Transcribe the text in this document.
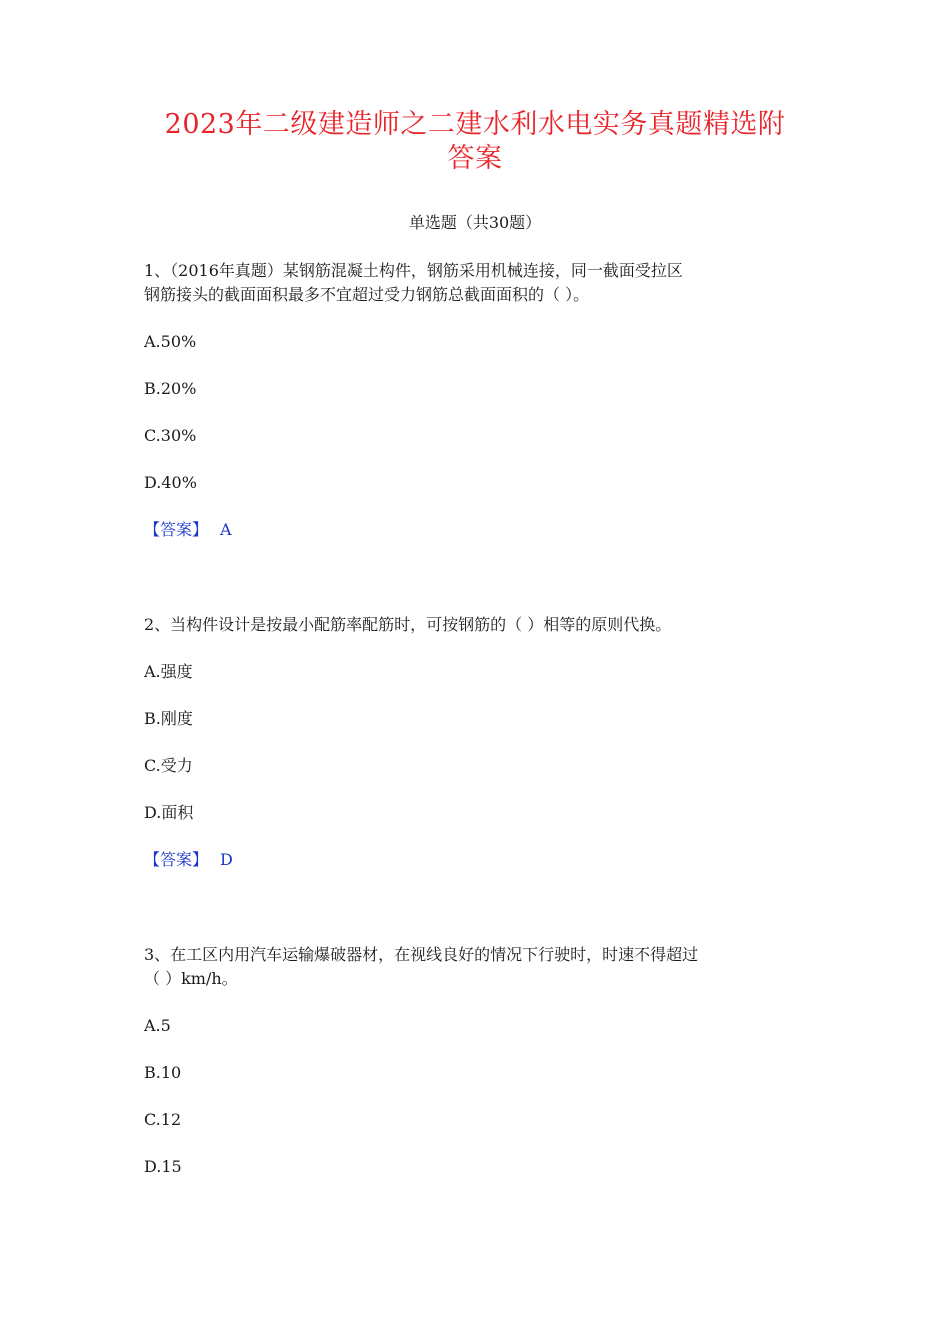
2023年二级建造师之二建水利水电实务真题精选附
答案
单选题（共30题）
1、（2016年真题）某钢筋混凝土构件，钢筋采用机械连接，同一截面受拉区
钢筋接头的截面面积最多不宜超过受力钢筋总截面面积的（ ）。
A.50%
B.20%
C.30%
D.40%
【答案】 A
2、当构件设计是按最小配筋率配筋时，可按钢筋的（ ）相等的原则代换。
A.强度
B.刚度
C.受力
D.面积
【答案】 D
3、在工区内用汽车运输爆破器材，在视线良好的情况下行驶时，时速不得超过
（ ）km/h。
A.5
B.10
C.12
D.15
